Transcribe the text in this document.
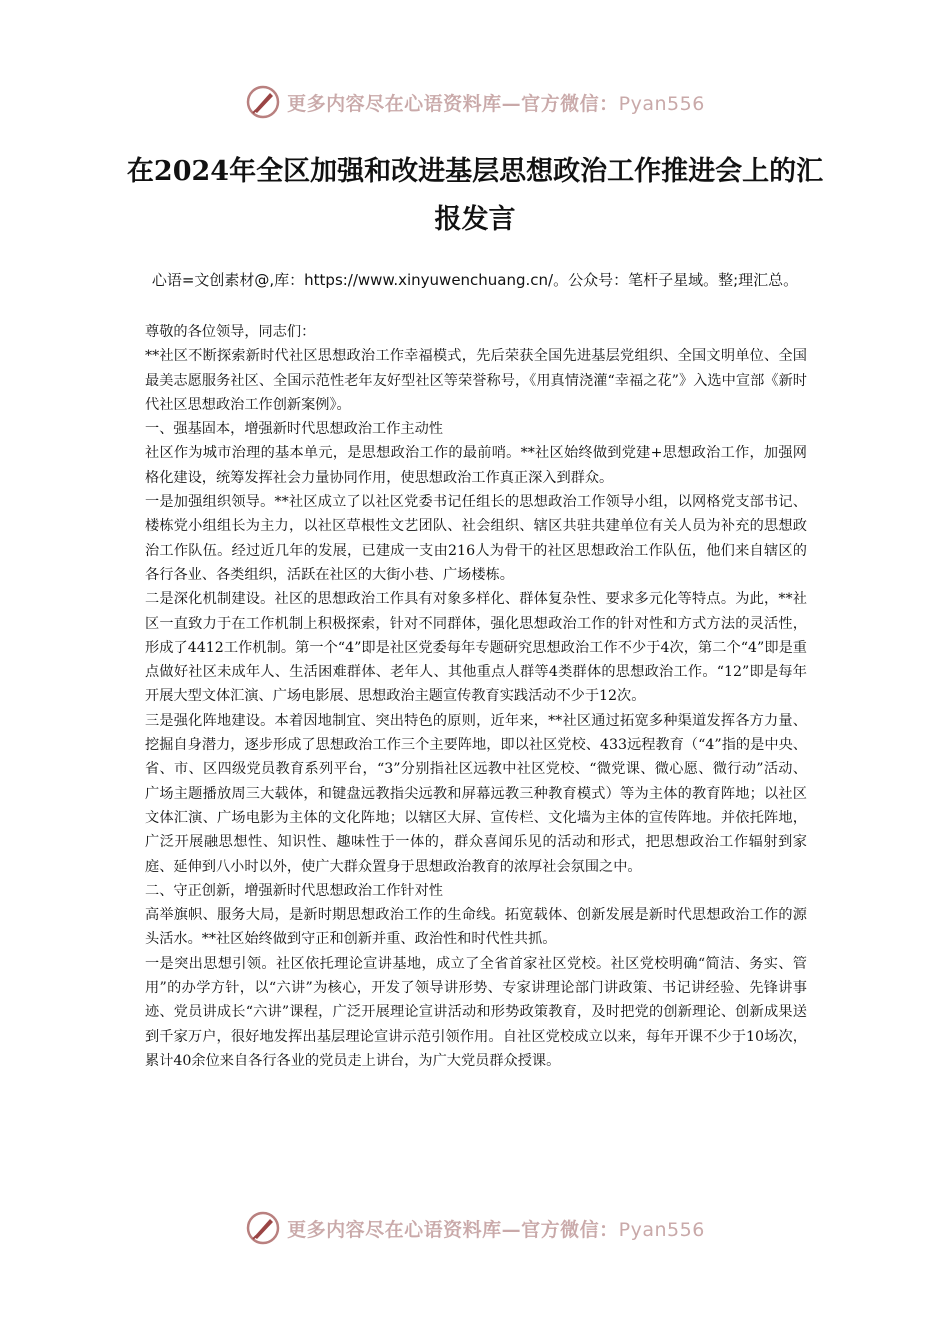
更多内容尽在心语资料库—官方微信：Pyan556
在2024年全区加强和改进基层思想政治工作推进会上的汇报发言
心语=文创素材@,库：https://www.xinyuwenchuang.cn/。公众号：笔杆子星域。整;理汇总。

尊敬的各位领导，同志们：

**社区不断探索新时代社区思想政治工作幸福模式，先后荣获全国先进基层党组织、全国文明单位、全国最美志愿服务社区、全国示范性老年友好型社区等荣誉称号，《用真情浇灌“幸福之花”》入选中宣部《新时代社区思想政治工作创新案例》。

一、强基固本，增强新时代思想政治工作主动性

社区作为城市治理的基本单元，是思想政治工作的最前哨。**社区始终做到党建+思想政治工作，加强网格化建设，统筹发挥社会力量协同作用，使思想政治工作真正深入到群众。

一是加强组织领导。**社区成立了以社区党委书记任组长的思想政治工作领导小组，以网格党支部书记、楼栋党小组组长为主力，以社区草根性文艺团队、社会组织、辖区共驻共建单位有关人员为补充的思想政治工作队伍。经过近几年的发展，已建成一支由216人为骨干的社区思想政治工作队伍，他们来自辖区的各行各业、各类组织，活跃在社区的大街小巷、广场楼栋。

二是深化机制建设。社区的思想政治工作具有对象多样化、群体复杂性、要求多元化等特点。为此，**社区一直致力于在工作机制上积极探索，针对不同群体，强化思想政治工作的针对性和方式方法的灵活性，形成了4412工作机制。第一个“4”即是社区党委每年专题研究思想政治工作不少于4次，第二个“4”即是重点做好社区未成年人、生活困难群体、老年人、其他重点人群等4类群体的思想政治工作。“12”即是每年开展大型文体汇演、广场电影展、思想政治主题宣传教育实践活动不少于12次。

三是强化阵地建设。本着因地制宜、突出特色的原则，近年来，**社区通过拓宽多种渠道发挥各方力量、挖掘自身潜力，逐步形成了思想政治工作三个主要阵地，即以社区党校、433远程教育（“4”指的是中央、省、市、区四级党员教育系列平台，“3”分别指社区远教中社区党校、“微党课、微心愿、微行动”活动、广场主题播放周三大载体，和键盘远教指尖远教和屏幕远教三种教育模式）等为主体的教育阵地；以社区文体汇演、广场电影为主体的文化阵地；以辖区大屏、宣传栏、文化墙为主体的宣传阵地。并依托阵地，广泛开展融思想性、知识性、趣味性于一体的，群众喜闻乐见的活动和形式，把思想政治工作辐射到家庭、延伸到八小时以外，使广大群众置身于思想政治教育的浓厚社会氛围之中。

二、守正创新，增强新时代思想政治工作针对性

高举旗帜、服务大局，是新时期思想政治工作的生命线。拓宽载体、创新发展是新时代思想政治工作的源头活水。**社区始终做到守正和创新并重、政治性和时代性共抓。

一是突出思想引领。社区依托理论宣讲基地，成立了全省首家社区党校。社区党校明确“简洁、务实、管用”的办学方针，以“六讲”为核心，开发了领导讲形势、专家讲理论部门讲政策、书记讲经验、先锋讲事迹、党员讲成长“六讲”课程，广泛开展理论宣讲活动和形势政策教育，及时把党的创新理论、创新成果送到千家万户，很好地发挥出基层理论宣讲示范引领作用。自社区党校成立以来，每年开课不少于10场次，累计40余位来自各行各业的党员走上讲台，为广大党员群众授课。

更多内容尽在心语资料库—官方微信：Pyan556
